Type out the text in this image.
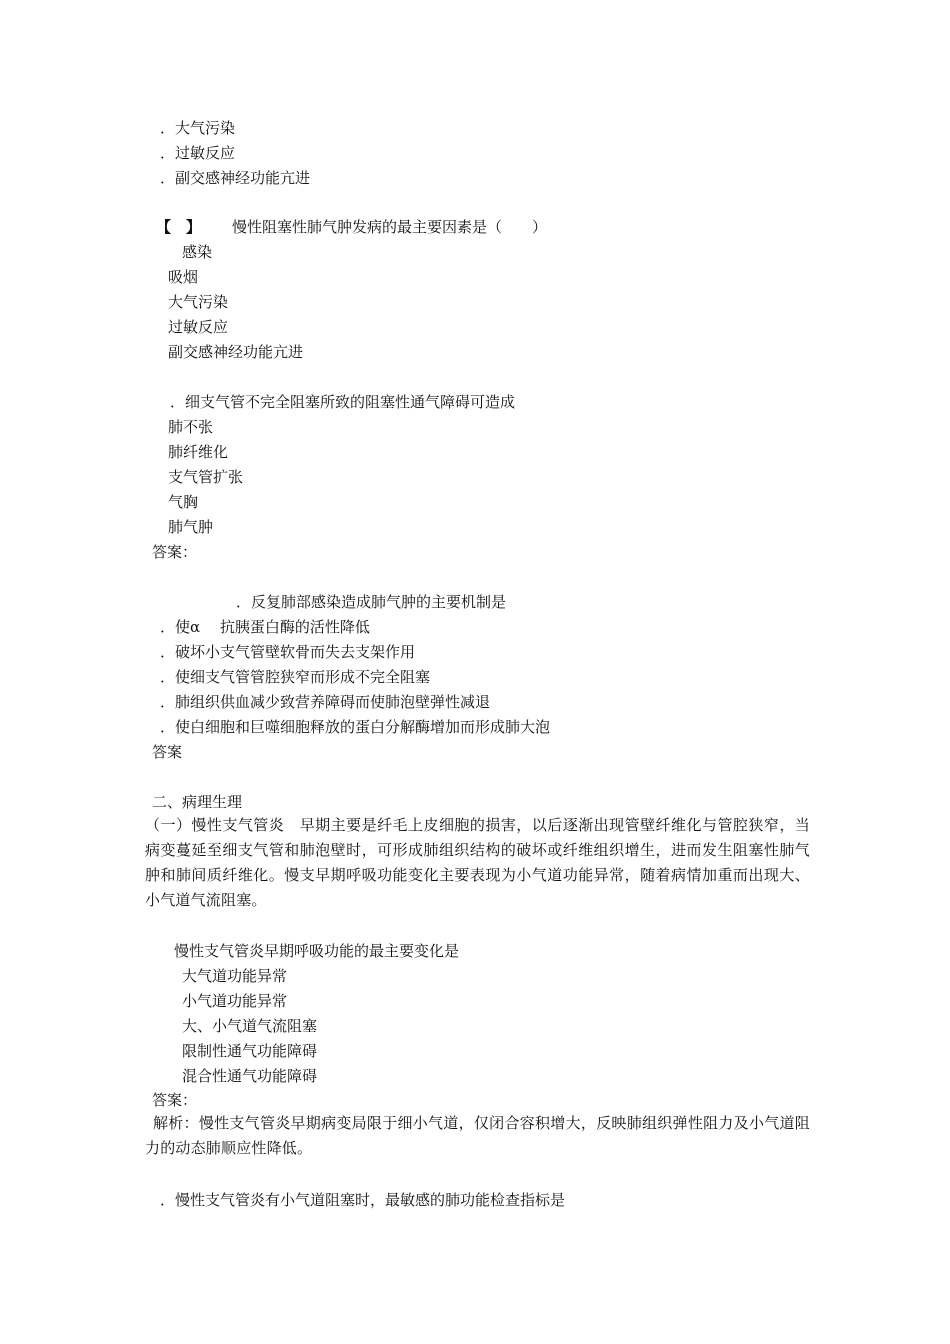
．大气污染
．过敏反应
．副交感神经功能亢进
【　】 慢性阻塞性肺气肿发病的最主要因素是（　　）
感染
吸烟
大气污染
过敏反应
副交感神经功能亢进
．细支气管不完全阻塞所致的阻塞性通气障碍可造成
肺不张
肺纤维化
支气管扩张
气胸
肺气肿
答案：
．反复肺部感染造成肺气肿的主要机制是
．使α　 抗胰蛋白酶的活性降低
．破坏小支气管壁软骨而失去支架作用
．使细支气管管腔狭窄而形成不完全阻塞
．肺组织供血减少致营养障碍而使肺泡壁弹性减退
．使白细胞和巨噬细胞释放的蛋白分解酶增加而形成肺大泡
答案
二、病理生理
（一）慢性支气管炎　早期主要是纤毛上皮细胞的损害，以后逐渐出现管壁纤维化与管腔狭窄，当病变蔓延至细支气管和肺泡壁时，可形成肺组织结构的破坏或纤维组织增生，进而发生阻塞性肺气肿和肺间质纤维化。慢支早期呼吸功能变化主要表现为小气道功能异常，随着病情加重而出现大、小气道气流阻塞。
慢性支气管炎早期呼吸功能的最主要变化是
大气道功能异常
小气道功能异常
大、小气道气流阻塞
限制性通气功能障碍
混合性通气功能障碍
答案：
解析：慢性支气管炎早期病变局限于细小气道，仅闭合容积增大，反映肺组织弹性阻力及小气道阻力的动态肺顺应性降低。
．慢性支气管炎有小气道阻塞时，最敏感的肺功能检查指标是
